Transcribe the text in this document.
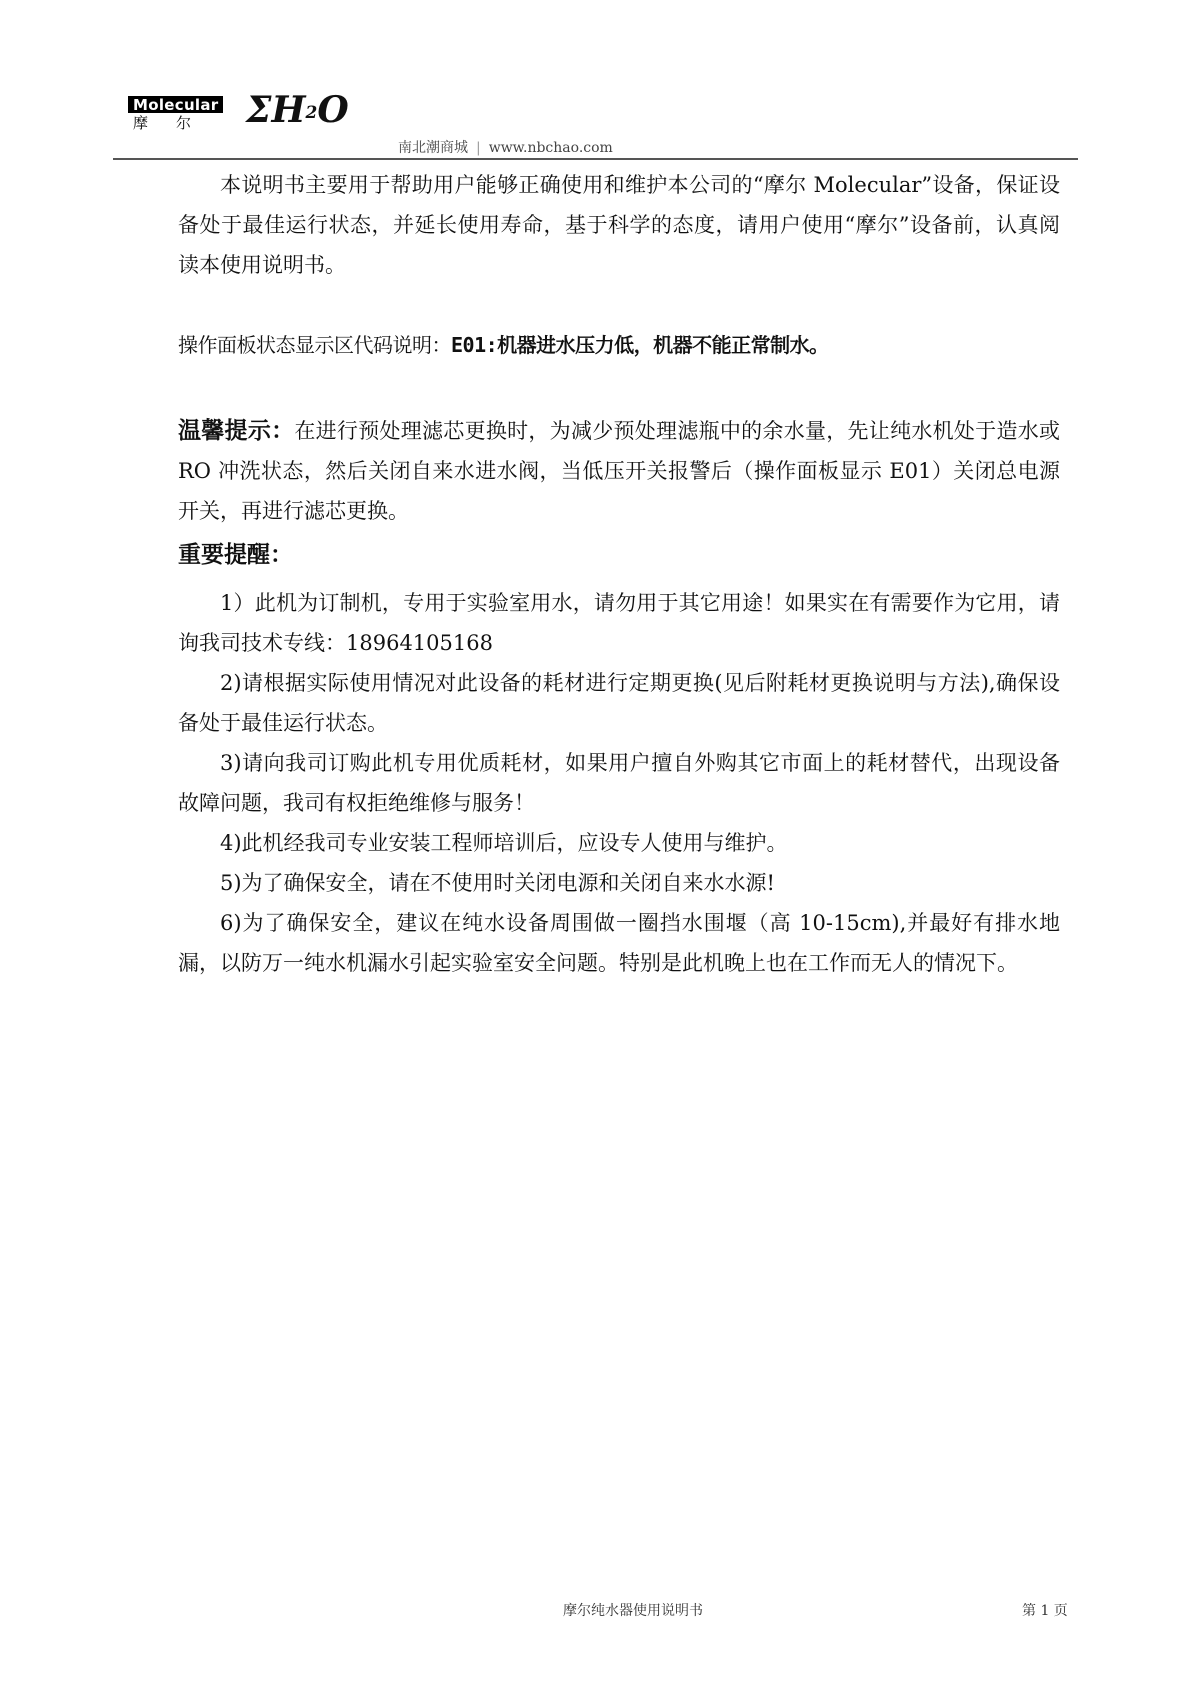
Molecular
摩 尔 $\Sigma H^2O$
南北潮商城 | www.nbchao.com

本说明书主要用于帮助用户能够正确使用和维护本公司的“摩尔 Molecular”设备，保证设备处于最佳运行状态，并延长使用寿命，基于科学的态度，请用户使用“摩尔”设备前，认真阅读本使用说明书。

操作面板状态显示区代码说明：E01:机器进水压力低，机器不能正常制水。

温馨提示：在进行预处理滤芯更换时，为减少预处理滤瓶中的余水量，先让纯水机处于造水或 RO 冲洗状态，然后关闭自来水进水阀，当低压开关报警后（操作面板显示 E01）关闭总电源开关，再进行滤芯更换。

重要提醒：
1）此机为订制机，专用于实验室用水，请勿用于其它用途！如果实在有需要作为它用，请询我司技术专线：18964105168
2)请根据实际使用情况对此设备的耗材进行定期更换(见后附耗材更换说明与方法),确保设备处于最佳运行状态。
3)请向我司订购此机专用优质耗材，如果用户擅自外购其它市面上的耗材替代，出现设备故障问题，我司有权拒绝维修与服务！
4)此机经我司专业安装工程师培训后，应设专人使用与维护。
5)为了确保安全，请在不使用时关闭电源和关闭自来水水源!
6)为了确保安全，建议在纯水设备周围做一圈挡水围堰（高 10-15cm),并最好有排水地漏，以防万一纯水机漏水引起实验室安全问题。特别是此机晚上也在工作而无人的情况下。
摩尔纯水器使用说明书	第 1 页
